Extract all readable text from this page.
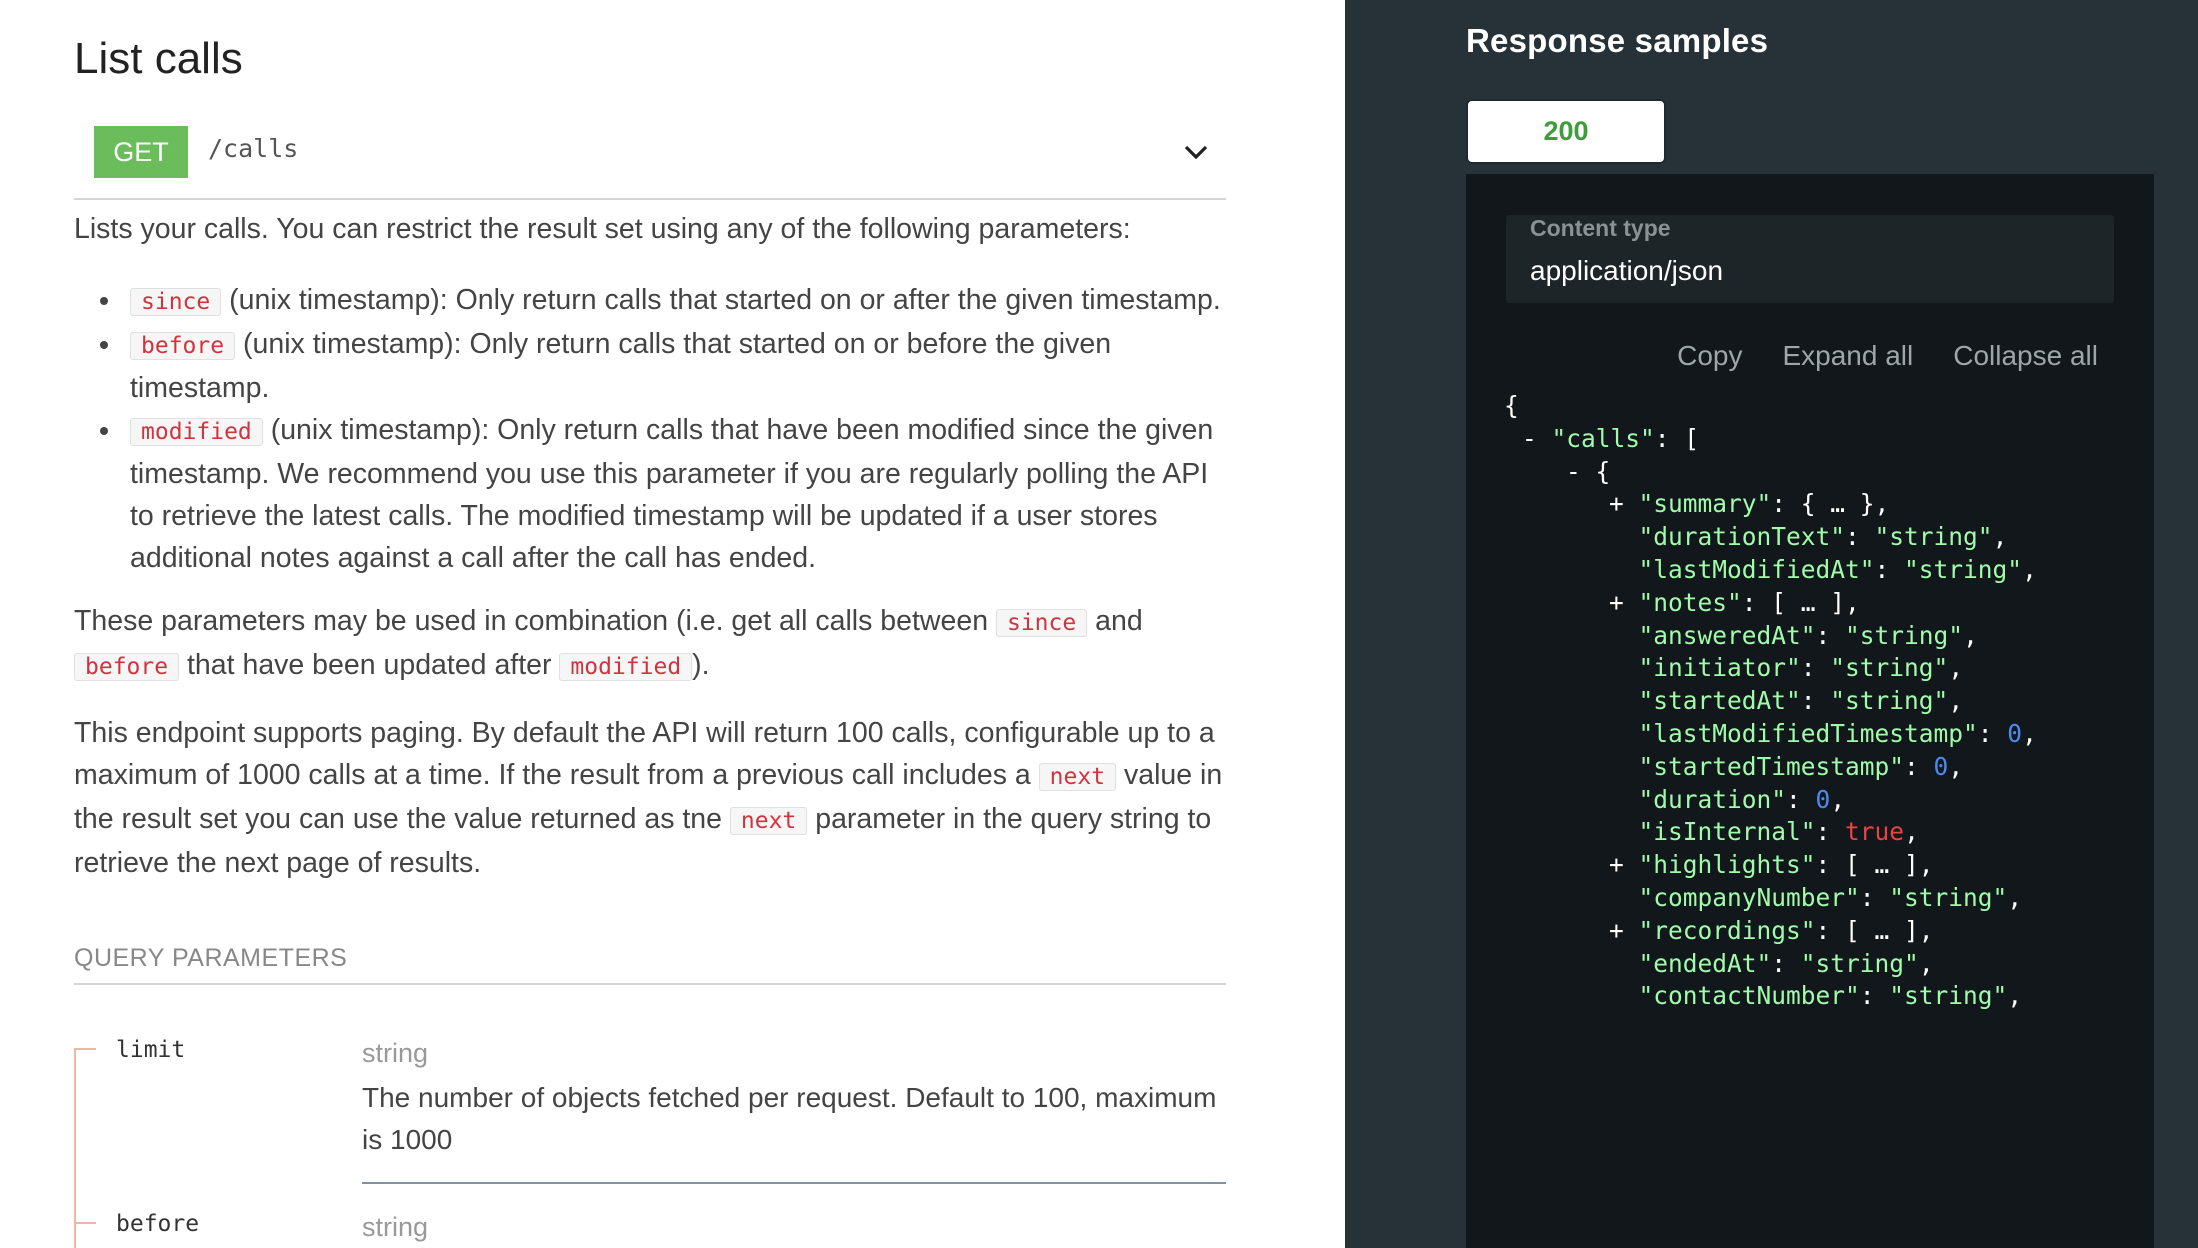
List calls
GET	/calls

Lists your calls. You can restrict the result set using any of the following parameters:

since (unix timestamp): Only return calls that started on or after the given timestamp.
before (unix timestamp): Only return calls that started on or before the given timestamp.
modified (unix timestamp): Only return calls that have been modified since the given timestamp. We recommend you use this parameter if you are regularly polling the API to retrieve the latest calls. The modified timestamp will be updated if a user stores additional notes against a call after the call has ended.

These parameters may be used in combination (i.e. get all calls between since and before that have been updated after modified ).

This endpoint supports paging. By default the API will return 100 calls, configurable up to a maximum of 1000 calls at a time. If the result from a previous call includes a next value in the result set you can use the value returned as tne next parameter in the query string to retrieve the next page of results.

QUERY PARAMETERS
limit	string
The number of objects fetched per request. Default to 100, maximum is 1000
before	string
Response samples
200
Content type
application/json
Copy Expand all Collapse all
{
- "calls": [
- {
+ "summary": { … },
"durationText": "string",
"lastModifiedAt": "string",
+ "notes": [ … ],
"answeredAt": "string",
"initiator": "string",
"startedAt": "string",
"lastModifiedTimestamp": 0,
"startedTimestamp": 0,
"duration": 0,
"isInternal": true,
+ "highlights": [ … ],
"companyNumber": "string",
+ "recordings": [ … ],
"endedAt": "string",
"contactNumber": "string",
